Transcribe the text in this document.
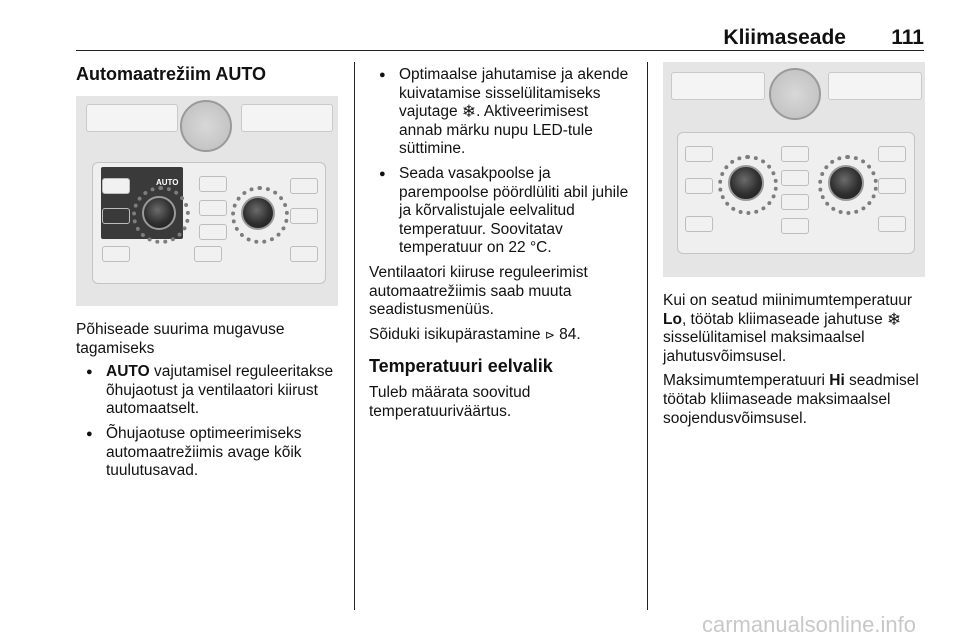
Kliimaseade 111
Automaatrežiim AUTO
AUTO

Põhiseade suurima mugavuse tagamiseks

● AUTO vajutamisel reguleeritakse õhujaotust ja ventilaatori kiirust automaatselt.
● Õhujaotuse optimeerimiseks automaatrežiimis avage kõik tuulutusavad.
● Optimaalse jahutamise ja akende kuivatamise sisselülitamiseks vajutage ❄. Aktiveerimisest annab märku nupu LED-tule süttimine.
● Seada vasakpoolse ja parempoolse pöördlüliti abil juhile ja kõrvalistujale eelvalitud temperatuur. Soovitatav temperatuur on 22 °C.

Ventilaatori kiiruse reguleerimist automaatrežiimis saab muuta seadistusmenüüs.

Sõiduki isikupärastamine ⊳ 84.

Temperatuuri eelvalik

Tuleb määrata soovitud temperatuuriväärtus.

Kui on seatud miinimumtemperatuur Lo, töötab kliimaseade jahutuse ❄ sisselülitamisel maksimaalsel jahutusvõimsusel.

Maksimumtemperatuuri Hi seadmisel töötab kliimaseade maksimaalsel soojendusvõimsusel.

carmanualsonline.info
